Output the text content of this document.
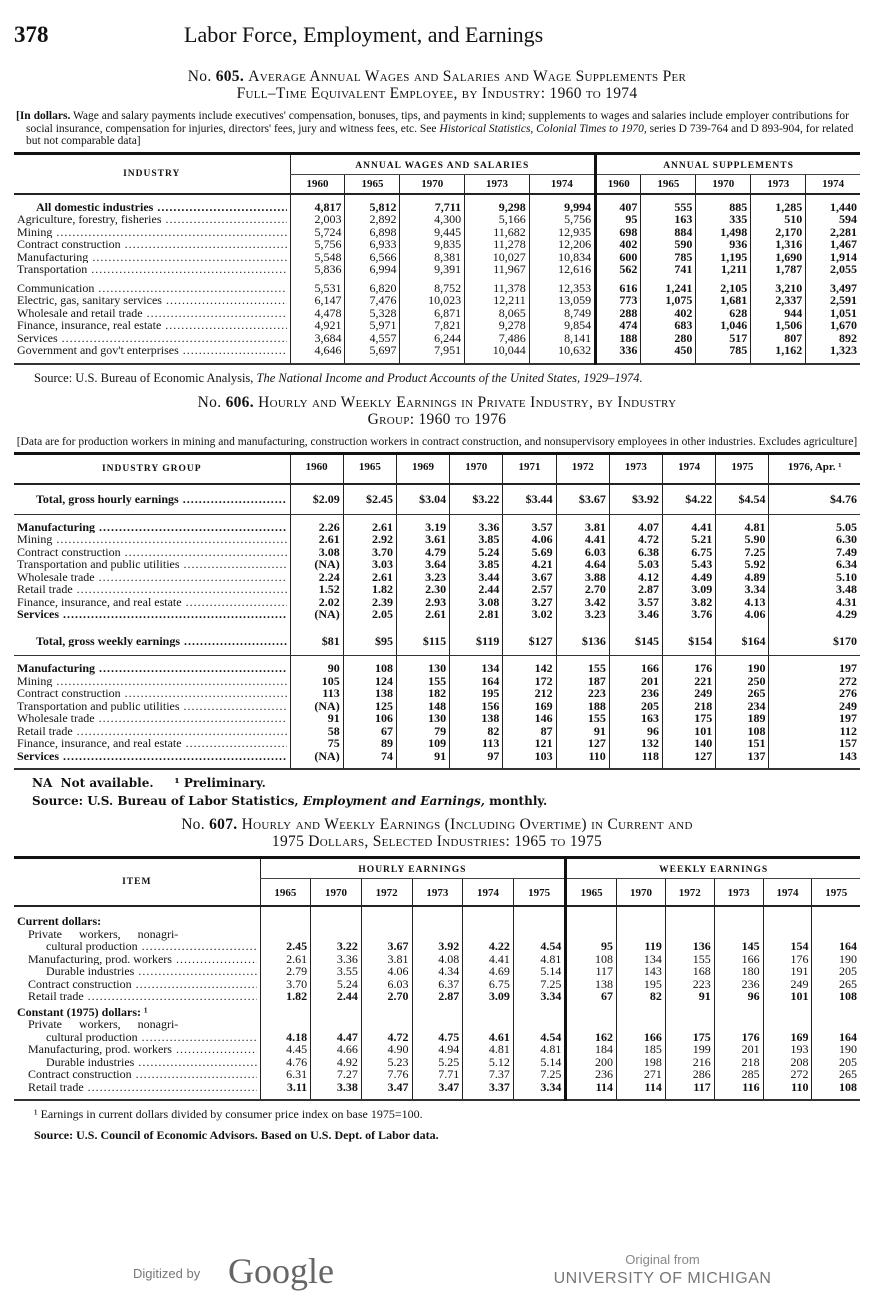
378	Labor Force, Employment, and Earnings
No. 605. Average Annual Wages and Salaries and Wage Supplements Per
Full–Time Equivalent Employee, by Industry: 1960 to 1974
[In dollars. Wage and salary payments include executives' compensation, bonuses, tips, and payments in kind; supplements to wages and salaries include employer contributions for social insurance, compensation for injuries, directors' fees, jury and witness fees, etc. See Historical Statistics, Colonial Times to 1970, series D 739-764 and D 893-904, for related but not comparable data]
INDUSTRY	ANNUAL WAGES AND SALARIES					ANNUAL SUPPLEMENTS				
	1960	1965	1970	1973	1974	1960	1965	1970	1973	1974

All domestic industries .....	4,817	5,812	7,711	9,298	9,994	407	555	885	1,285	1,440

Agriculture, forestry, fisheries .....	2,003	2,892	4,300	5,166	5,756	95	163	335	510	594

Mining .....	5,724	6,898	9,445	11,682	12,935	698	884	1,498	2,170	2,281

Contract construction .....	5,756	6,933	9,835	11,278	12,206	402	590	936	1,316	1,467

Manufacturing .....	5,548	6,566	8,381	10,027	10,834	600	785	1,195	1,690	1,914

Transportation .....	5,836	6,994	9,391	11,967	12,616	562	741	1,211	1,787	2,055

Communication .....	5,531	6,820	8,752	11,378	12,353	616	1,241	2,105	3,210	3,497

Electric, gas, sanitary services .....	6,147	7,476	10,023	12,211	13,059	773	1,075	1,681	2,337	2,591

Wholesale and retail trade .....	4,478	5,328	6,871	8,065	8,749	288	402	628	944	1,051

Finance, insurance, real estate .....	4,921	5,971	7,821	9,278	9,854	474	683	1,046	1,506	1,670

Services .....	3,684	4,557	6,244	7,486	8,141	188	280	517	807	892

Government and gov't enterprises .....	4,646	5,697	7,951	10,044	10,632	336	450	785	1,162	1,323

Source: U.S. Bureau of Economic Analysis, The National Income and Product Accounts of the United States, 1929–1974.
No. 606. Hourly and Weekly Earnings in Private Industry, by Industry
Group: 1960 to 1976
[Data are for production workers in mining and manufacturing, construction workers in contract construction, and nonsupervisory employees in other industries. Excludes agriculture]
INDUSTRY GROUP	1960	1965	1969	1970	1971	1972	1973	1974	1975	1976, Apr. ¹

Total, gross hourly earnings .....	$2.09	$2.45	$3.04	$3.22	$3.44	$3.67	$3.92	$4.22	$4.54	$4.76

Manufacturing .....	2.26	2.61	3.19	3.36	3.57	3.81	4.07	4.41	4.81	5.05

Mining .....	2.61	2.92	3.61	3.85	4.06	4.41	4.72	5.21	5.90	6.30

Contract construction .....	3.08	3.70	4.79	5.24	5.69	6.03	6.38	6.75	7.25	7.49

Transportation and public utilities .....	(NA)	3.03	3.64	3.85	4.21	4.64	5.03	5.43	5.92	6.34

Wholesale trade .....	2.24	2.61	3.23	3.44	3.67	3.88	4.12	4.49	4.89	5.10

Retail trade .....	1.52	1.82	2.30	2.44	2.57	2.70	2.87	3.09	3.34	3.48

Finance, insurance, and real estate .....	2.02	2.39	2.93	3.08	3.27	3.42	3.57	3.82	4.13	4.31

Services .....	(NA)	2.05	2.61	2.81	3.02	3.23	3.46	3.76	4.06	4.29

Total, gross weekly earnings .....	$81	$95	$115	$119	$127	$136	$145	$154	$164	$170

Manufacturing .....	90	108	130	134	142	155	166	176	190	197

Mining .....	105	124	155	164	172	187	201	221	250	272

Contract construction .....	113	138	182	195	212	223	236	249	265	276

Transportation and public utilities .....	(NA)	125	148	156	169	188	205	218	234	249

Wholesale trade .....	91	106	130	138	146	155	163	175	189	197

Retail trade .....	58	67	79	82	87	91	96	101	108	112

Finance, insurance, and real estate .....	75	89	109	113	121	127	132	140	151	157

Services .....	(NA)	74	91	97	103	110	118	127	137	143

NA  Not available.     ¹ Preliminary.
Source: U.S. Bureau of Labor Statistics, Employment and Earnings, monthly.
No. 607. Hourly and Weekly Earnings (Including Overtime) in Current and
1975 Dollars, Selected Industries: 1965 to 1975
ITEM	HOURLY EARNINGS						WEEKLY EARNINGS					
	1965	1970	1972	1973	1974	1975	1965	1970	1972	1973	1974	1975
Current dollars:												
Private workers, nonagri-												

cultural production .....	2.45	3.22	3.67	3.92	4.22	4.54	95	119	136	145	154	164

Manufacturing, prod. workers .....	2.61	3.36	3.81	4.08	4.41	4.81	108	134	155	166	176	190

Durable industries .....	2.79	3.55	4.06	4.34	4.69	5.14	117	143	168	180	191	205

Contract construction .....	3.70	5.24	6.03	6.37	6.75	7.25	138	195	223	236	249	265

Retail trade .....	1.82	2.44	2.70	2.87	3.09	3.34	67	82	91	96	101	108
Constant (1975) dollars: ¹												
Private workers, nonagri-												

cultural production .....	4.18	4.47	4.72	4.75	4.61	4.54	162	166	175	176	169	164

Manufacturing, prod. workers .....	4.45	4.66	4.90	4.94	4.81	4.81	184	185	199	201	193	190

Durable industries .....	4.76	4.92	5.23	5.25	5.12	5.14	200	198	216	218	208	205

Contract construction .....	6.31	7.27	7.76	7.71	7.37	7.25	236	271	286	285	272	265

Retail trade .....	3.11	3.38	3.47	3.47	3.37	3.34	114	114	117	116	110	108

¹ Earnings in current dollars divided by consumer price index on base 1975=100.
Source: U.S. Council of Economic Advisors. Based on U.S. Dept. of Labor data.
Digitized by Google	Original from
UNIVERSITY OF MICHIGAN
